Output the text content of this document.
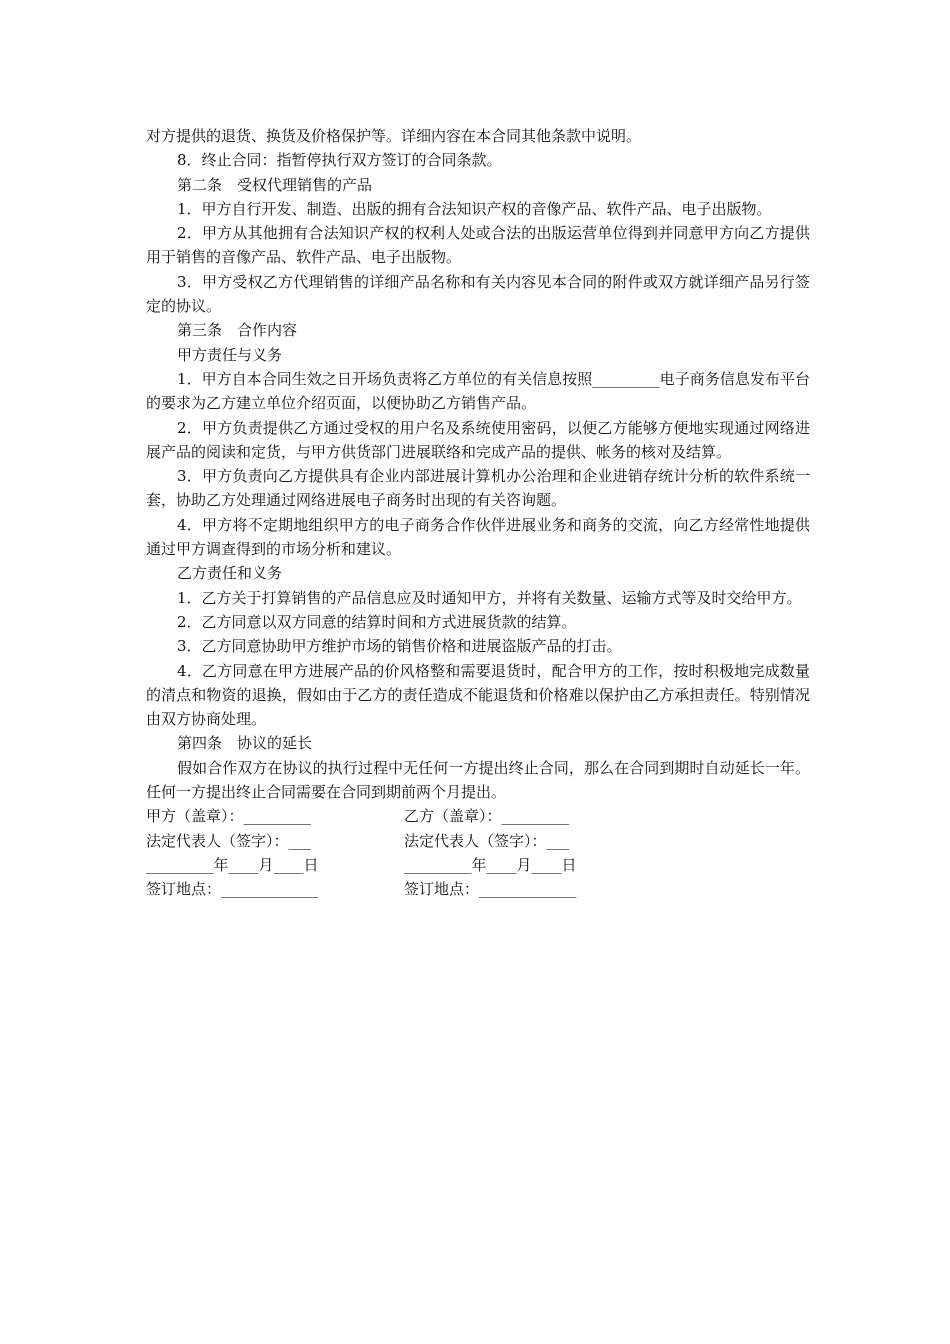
对方提供的退货、换货及价格保护等。详细内容在本合同其他条款中说明。

8．终止合同：指暂停执行双方签订的合同条款。

第二条　受权代理销售的产品

1．甲方自行开发、制造、出版的拥有合法知识产权的音像产品、软件产品、电子出版物。

2．甲方从其他拥有合法知识产权的权利人处或合法的出版运营单位得到并同意甲方向乙方提供用于销售的音像产品、软件产品、电子出版物。

3．甲方受权乙方代理销售的详细产品名称和有关内容见本合同的附件或双方就详细产品另行签定的协议。

第三条　合作内容

甲方责任与义务

1．甲方自本合同生效之日开场负责将乙方单位的有关信息按照_________电子商务信息发布平台的要求为乙方建立单位介绍页面，以便协助乙方销售产品。

2．甲方负责提供乙方通过受权的用户名及系统使用密码，以便乙方能够方便地实现通过网络进展产品的阅读和定货，与甲方供货部门进展联络和完成产品的提供、帐务的核对及结算。

3．甲方负责向乙方提供具有企业内部进展计算机办公治理和企业进销存统计分析的软件系统一套，协助乙方处理通过网络进展电子商务时出现的有关咨询题。

4．甲方将不定期地组织甲方的电子商务合作伙伴进展业务和商务的交流，向乙方经常性地提供通过甲方调查得到的市场分析和建议。

乙方责任和义务

1．乙方关于打算销售的产品信息应及时通知甲方，并将有关数量、运输方式等及时交给甲方。

2．乙方同意以双方同意的结算时间和方式进展货款的结算。

3．乙方同意协助甲方维护市场的销售价格和进展盗版产品的打击。

4．乙方同意在甲方进展产品的价风格整和需要退货时，配合甲方的工作，按时积极地完成数量的清点和物资的退换，假如由于乙方的责任造成不能退货和价格难以保护由乙方承担责任。特别情况由双方协商处理。

第四条　协议的延长

假如合作双方在协议的执行过程中无任何一方提出终止合同，那么在合同到期时自动延长一年。任何一方提出终止合同需要在合同到期前两个月提出。

甲方（盖章）：_________	乙方（盖章）：_________
法定代表人（签字）：___	法定代表人（签字）：___
_________年____月____日	_________年____月____日
签订地点：_____________	签订地点：_____________
